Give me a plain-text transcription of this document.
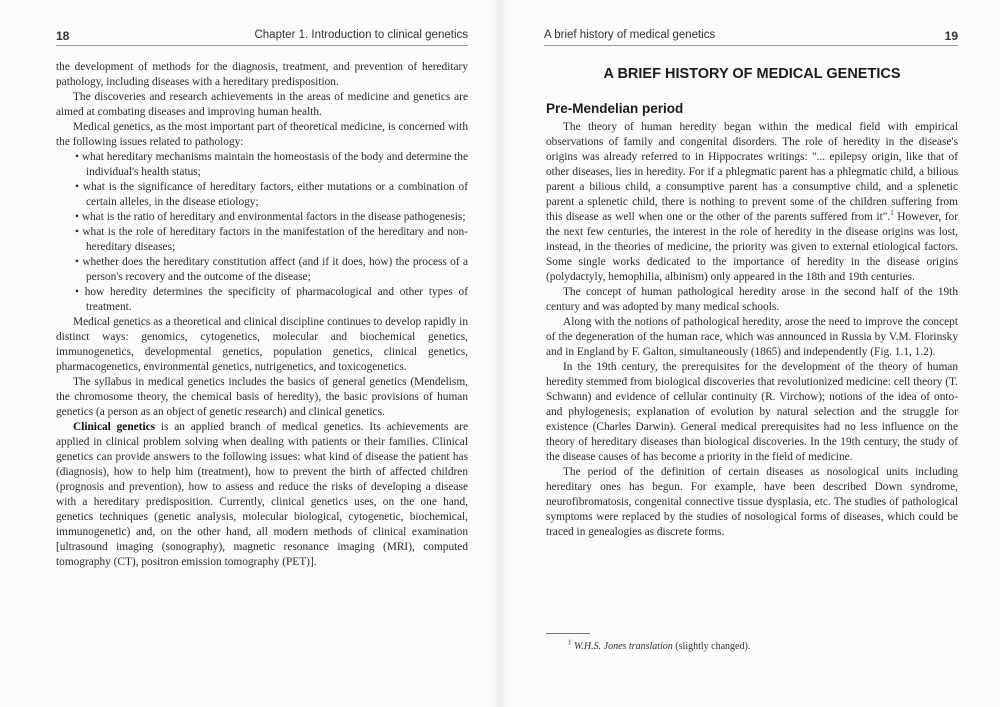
18	Chapter 1. Introduction to clinical genetics	A brief history of medical genetics	19

the development of methods for the diagnosis, treatment, and prevention of hereditary pathology, including diseases with a hereditary predisposition.

The discoveries and research achievements in the areas of medicine and genetics are aimed at combating diseases and improving human health.

Medical genetics, as the most important part of theoretical medicine, is concerned with the following issues related to pathology:

• what hereditary mechanisms maintain the homeostasis of the body and determine the individual's health status;
• what is the significance of hereditary factors, either mutations or a combination of certain alleles, in the disease etiology;
• what is the ratio of hereditary and environmental factors in the disease pathogenesis;
• what is the role of hereditary factors in the manifestation of the hereditary and non-hereditary diseases;
• whether does the hereditary constitution affect (and if it does, how) the process of a person's recovery and the outcome of the disease;
• how heredity determines the specificity of pharmacological and other types of treatment.

Medical genetics as a theoretical and clinical discipline continues to develop rapidly in distinct ways: genomics, cytogenetics, molecular and biochemical genetics, immunogenetics, developmental genetics, population genetics, clinical genetics, pharmacogenetics, environmental genetics, nutrigenetics, and toxicogenetics.

The syllabus in medical genetics includes the basics of general genetics (Mendelism, the chromosome theory, the chemical basis of heredity), the basic provisions of human genetics (a person as an object of genetic research) and clinical genetics.

Clinical genetics is an applied branch of medical genetics. Its achievements are applied in clinical problem solving when dealing with patients or their families. Clinical genetics can provide answers to the following issues: what kind of disease the patient has (diagnosis), how to help him (treatment), how to prevent the birth of affected children (prognosis and prevention), how to assess and reduce the risks of developing a disease with a hereditary predisposition. Currently, clinical genetics uses, on the one hand, genetics techniques (genetic analysis, molecular biological, cytogenetic, biochemical, immunogenetic) and, on the other hand, all modern methods of clinical examination [ultrasound imaging (sonography), magnetic resonance imaging (MRI), computed tomography (CT), positron emission tomography (PET)].

A BRIEF HISTORY OF MEDICAL GENETICS
Pre-Mendelian period

The theory of human heredity began within the medical field with empirical observations of family and congenital disorders. The role of heredity in the disease's origins was already referred to in Hippocrates writings: "... epilepsy origin, like that of other diseases, lies in heredity. For if a phlegmatic parent has a phlegmatic child, a bilious parent a bilious child, a consumptive parent has a consumptive child, and a splenetic parent a splenetic child, there is nothing to prevent some of the children suffering from this disease as well when one or the other of the parents suffered from it".$^1$ However, for the next few centuries, the interest in the role of heredity in the disease origins was lost, instead, in the theories of medicine, the priority was given to external etiological factors. Some single works dedicated to the importance of heredity in the disease origins (polydactyly, hemophilia, albinism) only appeared in the 18th and 19th centuries.

The concept of human pathological heredity arose in the second half of the 19th century and was adopted by many medical schools.

Along with the notions of pathological heredity, arose the need to improve the concept of the degeneration of the human race, which was announced in Russia by V.M. Florinsky and in England by F. Galton, simultaneously (1865) and independently (Fig. 1.1, 1.2).

In the 19th century, the prerequisites for the development of the theory of human heredity stemmed from biological discoveries that revolutionized medicine: cell theory (T. Schwann) and evidence of cellular continuity (R. Virchow); notions of the idea of onto- and phylogenesis; explanation of evolution by natural selection and the struggle for existence (Charles Darwin). General medical prerequisites had no less influence on the theory of hereditary diseases than biological discoveries. In the 19th century, the study of the disease causes of has become a priority in the field of medicine.

The period of the definition of certain diseases as nosological units including hereditary ones has begun. For example, have been described Down syndrome, neurofibromatosis, congenital connective tissue dysplasia, etc. The studies of pathological symptoms were replaced by the studies of nosological forms of diseases, which could be traced in genealogies as discrete forms.

$^1$ W.H.S. Jones translation (slightly changed).
